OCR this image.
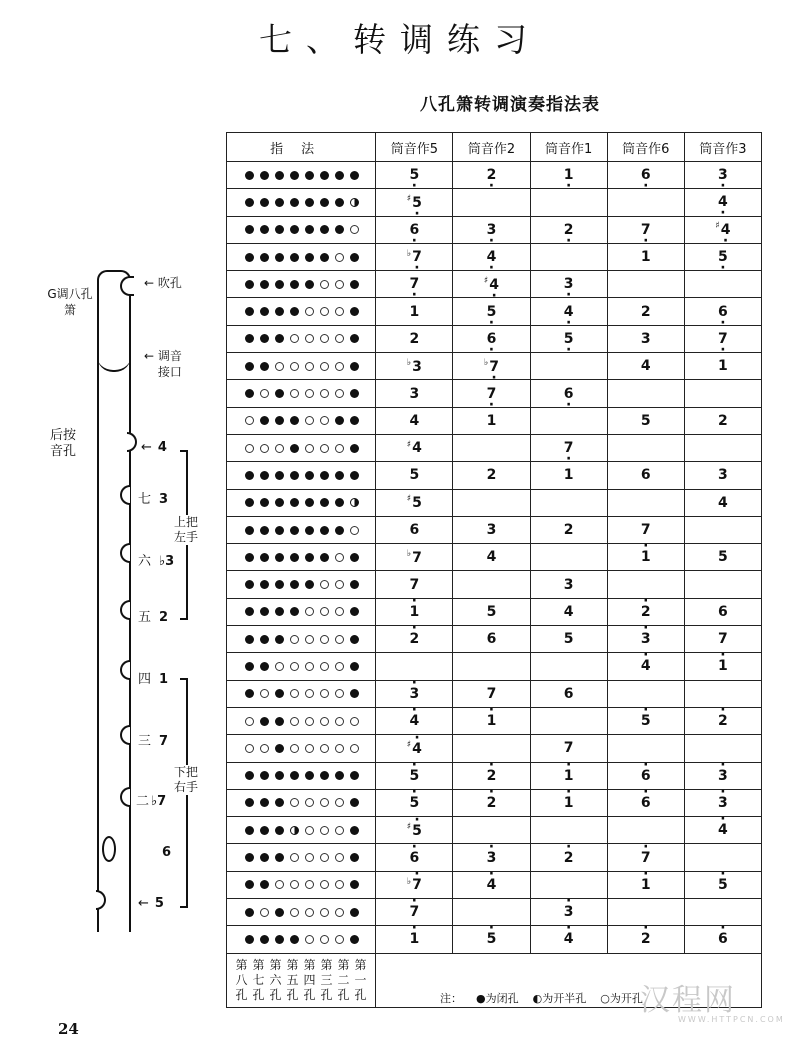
七、转调练习
八孔箫转调演奏指法表
G调八孔箫
← 吹孔
← 调音接口
后按音孔	← 4
七 3
六 ♭3
五 2
四 1
三 7
二 ♭7
6
← 5
上把左手
下把右手
指法	筒音作5	筒音作2	筒音作1	筒音作6	筒音作3

	5 ·	2 ·	1 ·	6 ·	3 ·

	♯5 ·				4 ·

	6 ·	3 ·	2 ·	7 ·	♯4 ·

	♭7 ·	4 ·		1	5 ·

	7 ·	♯4 ·	3 ·		

	1	5 ·	4 ·	2	6 ·

	2	6 ·	5 ·	3	7 ·

	♭3	♭7 ·		4	1

	3	7 ·	6 ·		

	4	1		5	2

	♯4		7 ·		

	5	2	1	6	3

	♯5				4

	6	3	2	7	

	♭7	4		· 1	5

	7		3		

	· 1	5	4	· 2	6

	· 2	6	5	· 3	7

				· 4	· 1

	· 3	7	6		

	· 4	· 1		· 5	· 2

	♯· 4		7		

	· 5	· 2	· 1	· 6	· 3

	· 5	· 2	· 1	· 6	· 3

	♯· 5				· 4

	· 6	· 3	· 2	· 7	

	♭· 7	· 4		· 1	· 5

	· 7		· 3		

	· 1	· 5	· 4	· 2	· 6

第 第 第 第 第 第 第 第
八 七 六 五 四 三 二 一
孔 孔 孔 孔 孔 孔 孔 孔
		注： ●为闭孔 ◐为开半孔 ○为开孔
24
汉程网
WWW.HTTPCN.COM
